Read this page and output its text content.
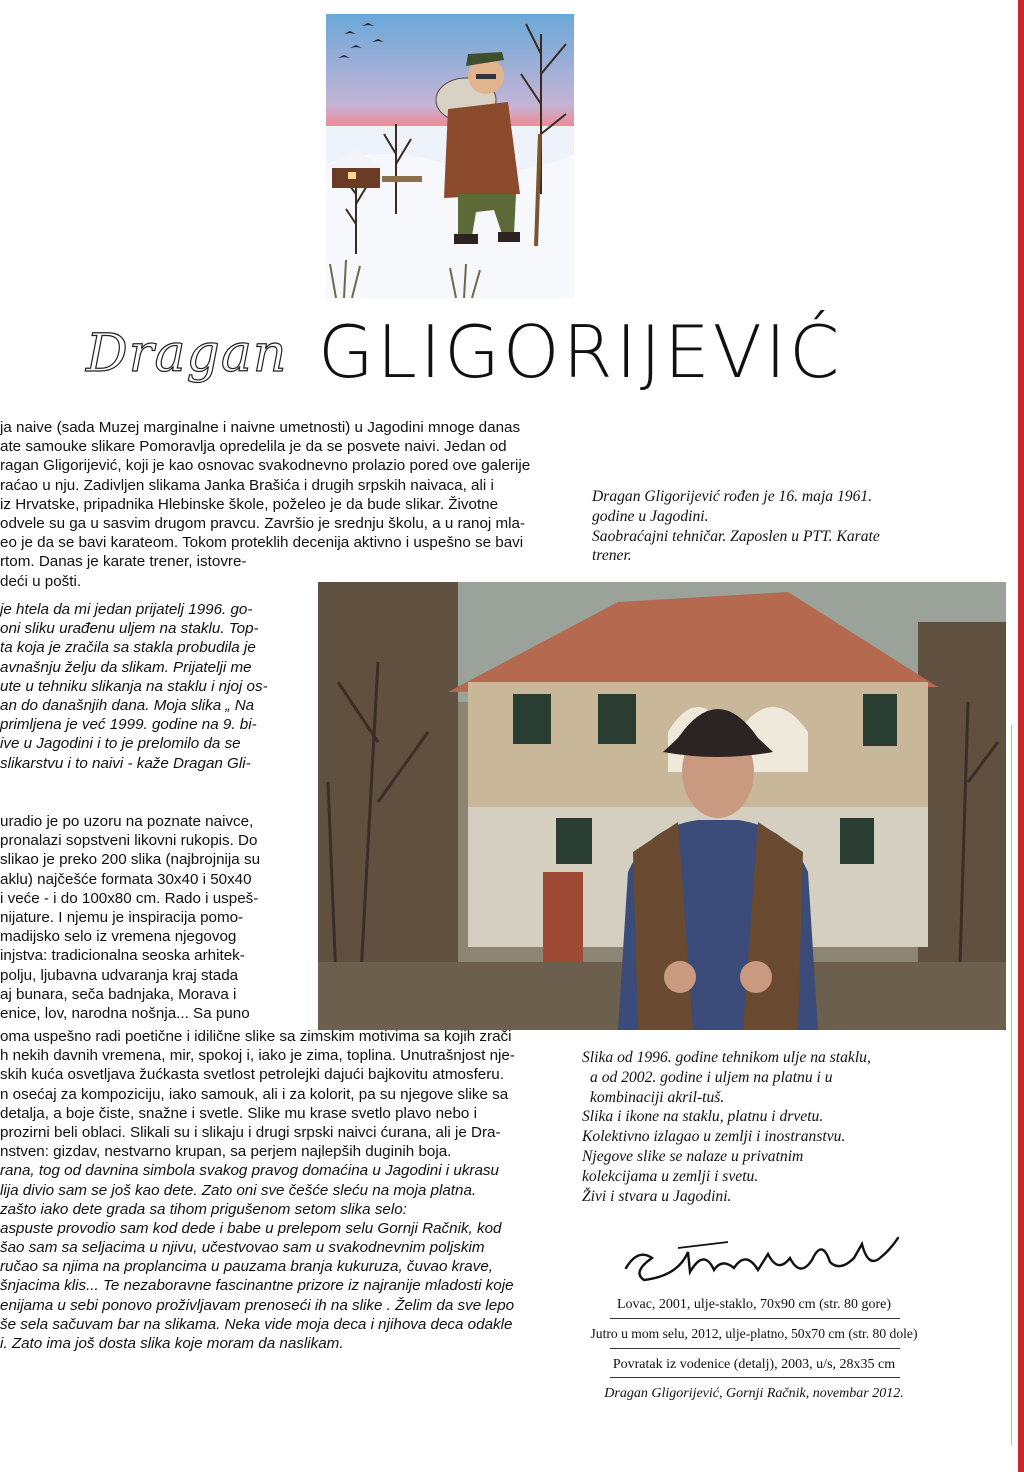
Dragan GLIGORIJEVIĆ
ja naive (sada Muzej marginalne i naivne umetnosti) u Jagodini mnoge danas
ate samouke slikare Pomoravlja opredelila je da se posvete naivi. Jedan od
ragan Gligorijević, koji je kao osnovac svakodnevno prolazio pored ove galerije
raćao u nju. Zadivljen slikama Janka Brašića i drugih srpskih naivaca, ali i
iz Hrvatske, pripadnika Hlebinske škole, poželeo je da bude slikar. Životne
odvele su ga u sasvim drugom pravcu. Završio je srednju školu, a u ranoj mla-
eo je da se bavi karateom. Tokom proteklih decenija aktivno i uspešno se bavi
rtom. Danas je karate trener, istovre-
deći u pošti.
Dragan Gligorijević rođen je 16. maja 1961.
godine u Jagodini.
Saobraćajni tehničar. Zaposlen u PTT. Karate
trener.
je htela da mi jedan prijatelj 1996. go-
oni sliku urađenu uljem na staklu. Top-
ta koja je zračila sa stakla probudila je
avnašnju želju da slikam. Prijatelji me
ute u tehniku slikanja na staklu i njoj os-
an do današnjih dana. Moja slika „ Na
primljena je već 1999. godine na 9. bi-
ive u Jagodini i to je prelomilo da se
slikarstvu i to naivi - kaže Dragan Gli-
uradio je po uzoru na poznate naivce,
pronalazi sopstveni likovni rukopis. Do
slikao je preko 200 slika (najbrojnija su
aklu) najčešće formata 30x40 i 50x40
i veće - i do 100x80 cm. Rado i uspeš-
nijature. I njemu je inspiracija pomo-
madijsko selo iz vremena njegovog
injstva: tradicionalna seoska arhitek-
polju, ljubavna udvaranja kraj stada
aj bunara, seča badnjaka, Morava i
enice, lov, narodna nošnja... Sa puno
oma uspešno radi poetične i idilične slike sa zimskim motivima sa kojih zrači
h nekih davnih vremena, mir, spokoj i, iako je zima, toplina. Unutrašnjost nje-
skih kuća osvetljava žućkasta svetlost petrolejki dajući bajkovitu atmosferu.
n osećaj za kompoziciju, iako samouk, ali i za kolorit, pa su njegove slike sa
detalja, a boje čiste, snažne i svetle. Slike mu krase svetlo plavo nebo i
prozirni beli oblaci. Slikali su i slikaju i drugi srpski naivci ćurana, ali je Dra-
nstven: gizdav, nestvarno krupan, sa perjem najlepših duginih boja.
rana, tog od davnina simbola svakog pravog domaćina u Jagodini i ukrasu
lija divio sam se još kao dete. Zato oni sve češće sleću na moja platna.
zašto iako dete grada sa tihom prigušenom setom slika selo:
aspuste provodio sam kod dede i babe u prelepom selu Gornji Račnik, kod
šao sam sa seljacima u njivu, učestvovao sam u svakodnevnim poljskim
ručao sa njima na proplancima u pauzama branja kukuruza, čuvao krave,
šnjacima klis... Te nezaboravne fascinantne prizore iz najranije mladosti koje
enijama u sebi ponovo proživljavam prenoseći ih na slike . Želim da sve lepo
še sela sačuvam bar na slikama. Neka vide moja deca i njihova deca odakle
i. Zato ima još dosta slika koje moram da naslikam.
Slika od 1996. godine tehnikom ulje na staklu,
a od 2002. godine i uljem na platnu i u
kombinaciji akril-tuš.
Slika i ikone na staklu, platnu i drvetu.
Kolektivno izlagao u zemlji i inostranstvu.
Njegove slike se nalaze u privatnim
kolekcijama u zemlji i svetu.
Živi i stvara u Jagodini.
Lovac, 2001, ulje-staklo, 70x90 cm (str. 80 gore)
Jutro u mom selu, 2012, ulje-platno, 50x70 cm (str. 80 dole)
Povratak iz vodenice (detalj), 2003, u/s, 28x35 cm
Dragan Gligorijević, Gornji Račnik, novembar 2012.
